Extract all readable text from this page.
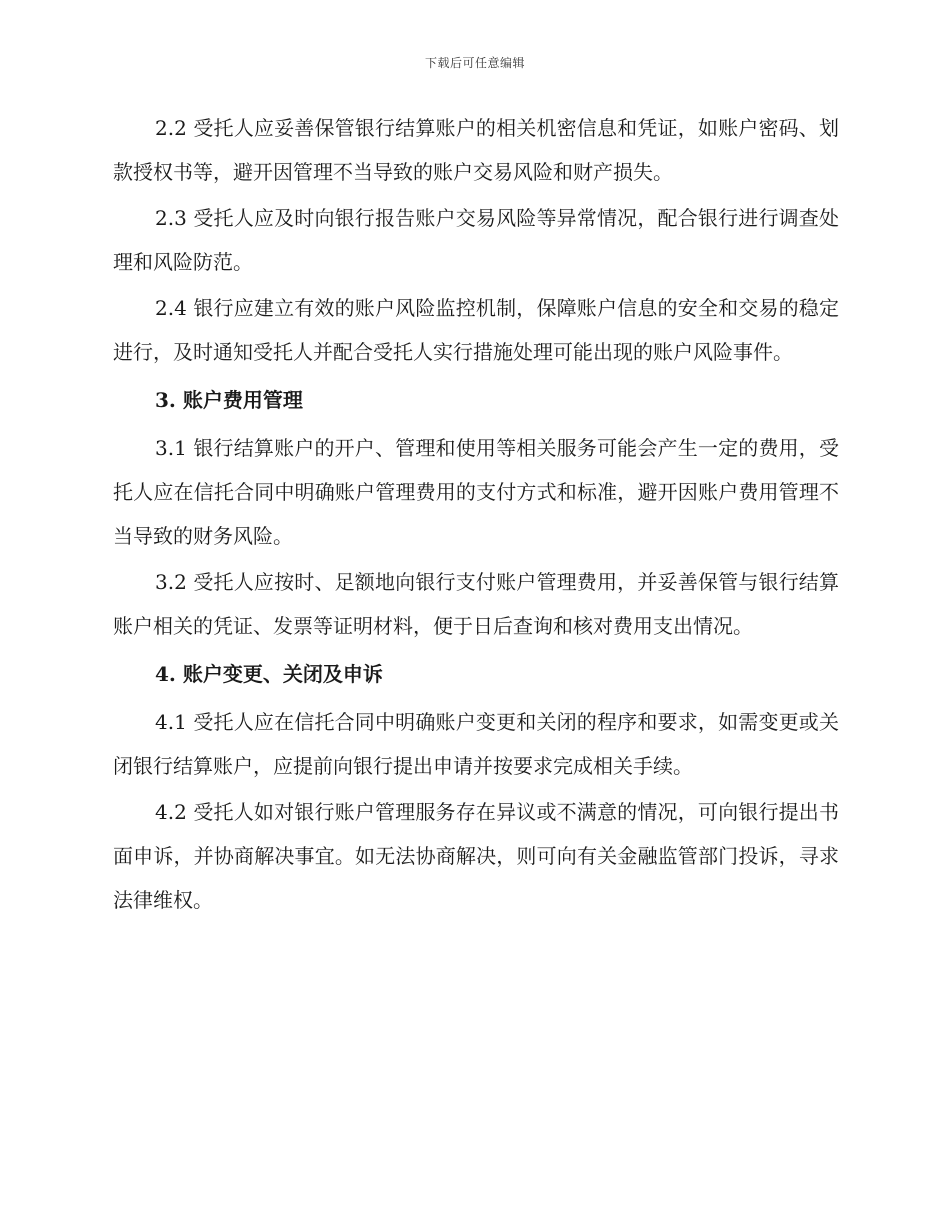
下载后可任意编辑

2.2 受托人应妥善保管银行结算账户的相关机密信息和凭证，如账户密码、划款授权书等，避开因管理不当导致的账户交易风险和财产损失。

2.3 受托人应及时向银行报告账户交易风险等异常情况，配合银行进行调查处理和风险防范。

2.4 银行应建立有效的账户风险监控机制，保障账户信息的安全和交易的稳定进行，及时通知受托人并配合受托人实行措施处理可能出现的账户风险事件。

3. 账户费用管理

3.1 银行结算账户的开户、管理和使用等相关服务可能会产生一定的费用，受托人应在信托合同中明确账户管理费用的支付方式和标准，避开因账户费用管理不当导致的财务风险。

3.2 受托人应按时、足额地向银行支付账户管理费用，并妥善保管与银行结算账户相关的凭证、发票等证明材料，便于日后查询和核对费用支出情况。

4. 账户变更、关闭及申诉

4.1 受托人应在信托合同中明确账户变更和关闭的程序和要求，如需变更或关闭银行结算账户，应提前向银行提出申请并按要求完成相关手续。

4.2 受托人如对银行账户管理服务存在异议或不满意的情况，可向银行提出书面申诉，并协商解决事宜。如无法协商解决，则可向有关金融监管部门投诉，寻求法律维权。
